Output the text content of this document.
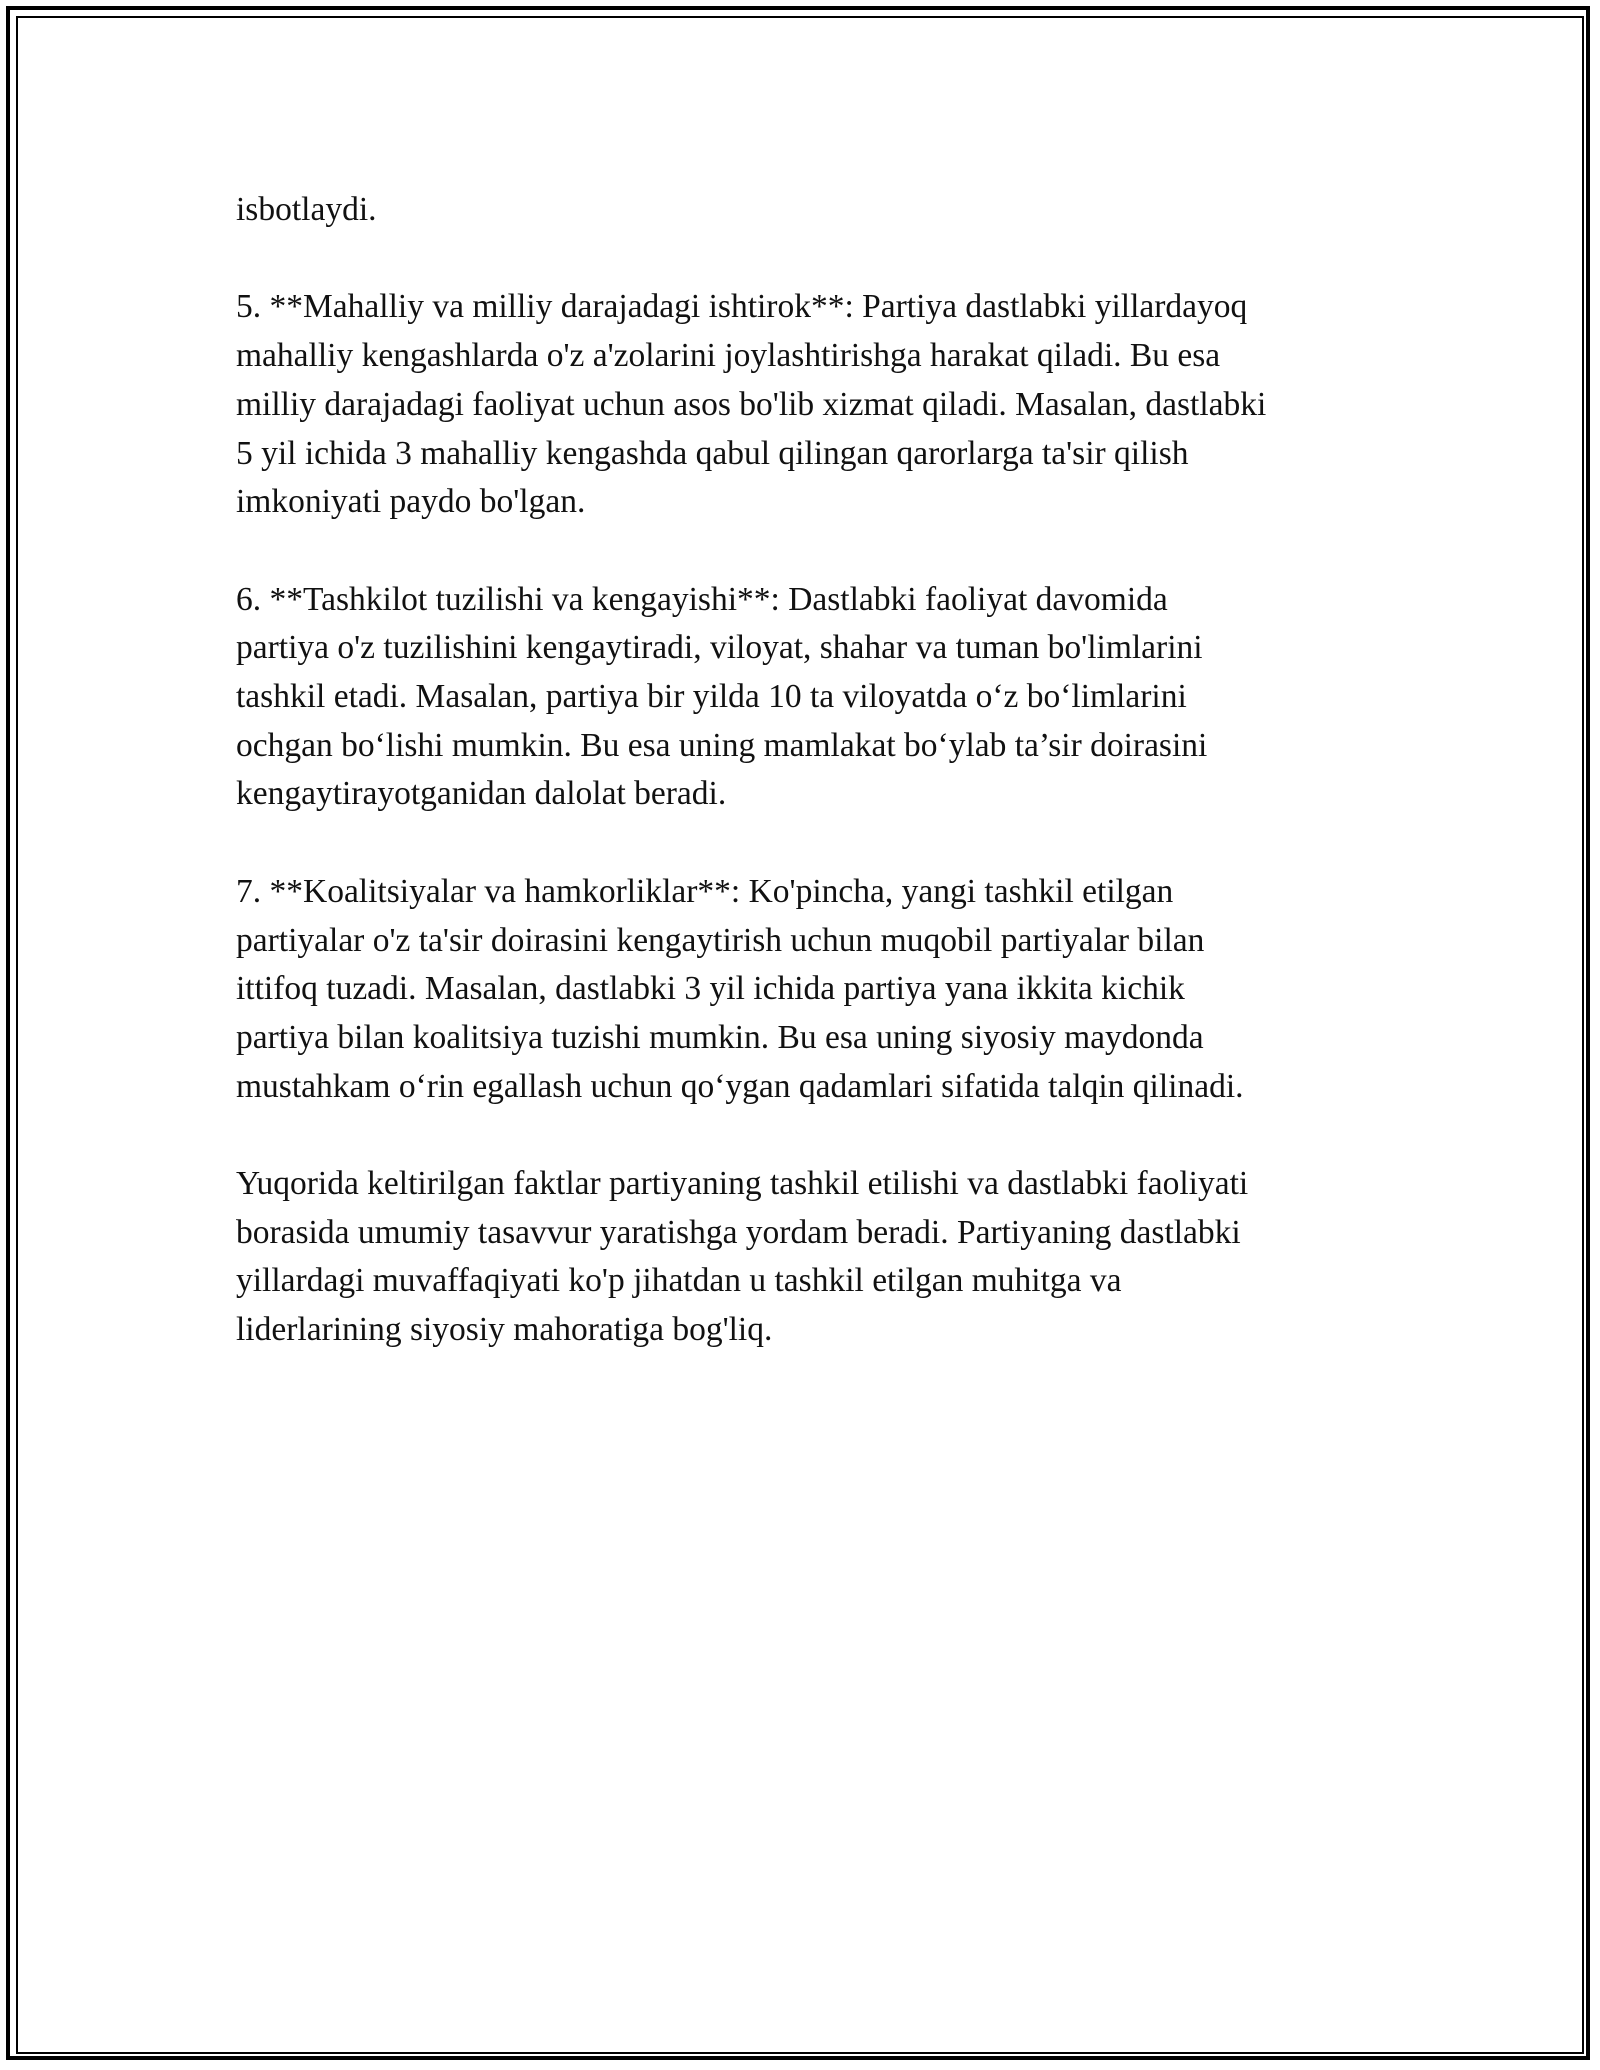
isbotlaydi.

5. **Mahalliy va milliy darajadagi ishtirok**: Partiya dastlabki yillardayoq
mahalliy kengashlarda o'z a'zolarini joylashtirishga harakat qiladi. Bu esa
milliy darajadagi faoliyat uchun asos bo'lib xizmat qiladi. Masalan, dastlabki
5 yil ichida 3 mahalliy kengashda qabul qilingan qarorlarga ta'sir qilish
imkoniyati paydo bo'lgan.

6. **Tashkilot tuzilishi va kengayishi**: Dastlabki faoliyat davomida
partiya o'z tuzilishini kengaytiradi, viloyat, shahar va tuman bo'limlarini
tashkil etadi. Masalan, partiya bir yilda 10 ta viloyatda o‘z bo‘limlarini
ochgan bo‘lishi mumkin. Bu esa uning mamlakat bo‘ylab ta’sir doirasini
kengaytirayotganidan dalolat beradi.

7. **Koalitsiyalar va hamkorliklar**: Ko'pincha, yangi tashkil etilgan
partiyalar o'z ta'sir doirasini kengaytirish uchun muqobil partiyalar bilan
ittifoq tuzadi. Masalan, dastlabki 3 yil ichida partiya yana ikkita kichik
partiya bilan koalitsiya tuzishi mumkin. Bu esa uning siyosiy maydonda
mustahkam o‘rin egallash uchun qo‘ygan qadamlari sifatida talqin qilinadi.

Yuqorida keltirilgan faktlar partiyaning tashkil etilishi va dastlabki faoliyati
borasida umumiy tasavvur yaratishga yordam beradi. Partiyaning dastlabki
yillardagi muvaffaqiyati ko'p jihatdan u tashkil etilgan muhitga va
liderlarining siyosiy mahoratiga bog'liq.
